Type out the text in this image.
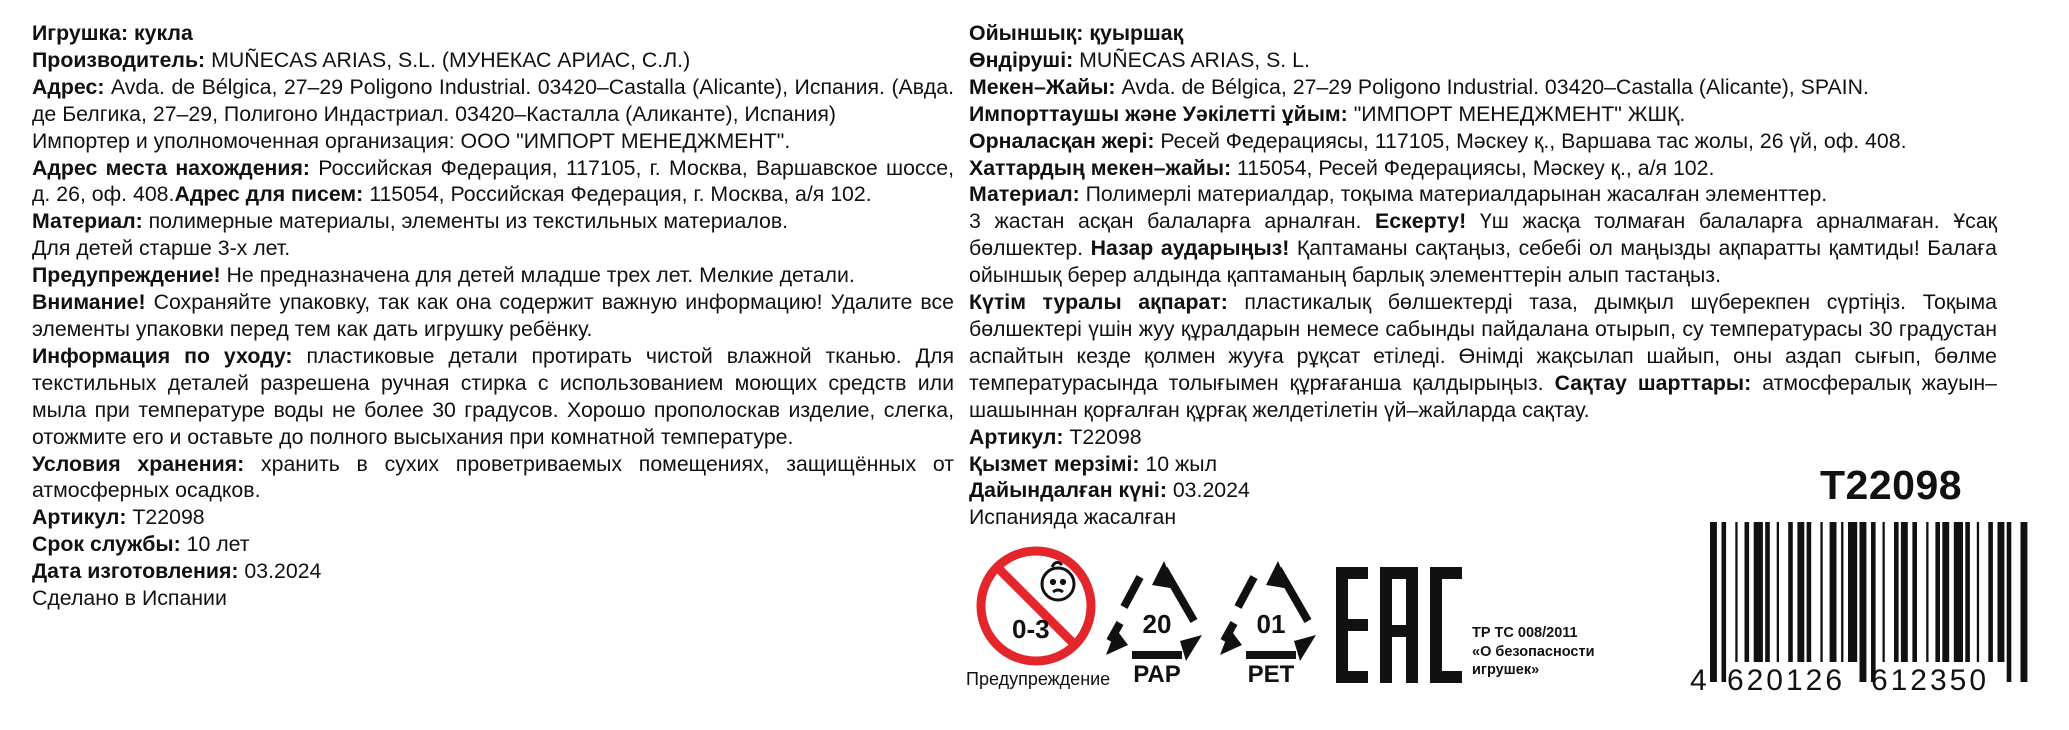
Игрушка: кукла

Производитель: MUÑECAS ARIAS, S.L. (МУНЕКАС АРИАС, С.Л.)

Адрес: Avda. de Bélgica, 27–29 Poligono Industrial. 03420–Castalla (Alicante), Испания. (Авда. де Белгика, 27–29, Полигоно Индастриал. 03420–Касталла (Аликанте), Испания)

Импортер и уполномоченная организация: ООО "ИМПОРТ МЕНЕДЖМЕНТ".

Адрес места нахождения: Российская Федерация, 117105, г. Москва, Варшавское шоссе, д. 26, оф. 408.Адрес для писем: 115054, Российская Федерация, г. Москва, а/я 102.

Материал: полимерные материалы, элементы из текстильных материалов.

Для детей старше 3-х лет.

Предупреждение! Не предназначена для детей младше трех лет. Мелкие детали.

Внимание! Сохраняйте упаковку, так как она содержит важную информацию! Удалите все элементы упаковки перед тем как дать игрушку ребёнку.

Информация по уходу: пластиковые детали протирать чистой влажной тканью. Для текстильных деталей разрешена ручная стирка с использованием моющих средств или мыла при температуре воды не более 30 градусов. Хорошо прополоскав изделие, слегка, отожмите его и оставьте до полного высыхания при комнатной температуре.

Условия хранения: хранить в сухих проветриваемых помещениях, защищённых от атмосферных осадков.

Артикул: T22098

Срок службы: 10 лет

Дата изготовления: 03.2024

Сделано в Испании

Ойыншық: қуыршақ

Өндіруші: MUÑECAS ARIAS, S. L.

Мекен–Жайы: Avda. de Bélgica, 27–29 Poligono Industrial. 03420–Castalla (Alicante), SPAIN.

Импорттаушы және Уәкілетті ұйым: "ИМПОРТ МЕНЕДЖМЕНТ" ЖШҚ.

Орналасқан жері: Ресей Федерациясы, 117105, Мәскеу қ., Варшава тас жолы, 26 үй, оф. 408.

Хаттардың мекен–жайы: 115054, Ресей Федерациясы, Мәскеу қ., а/я 102.

Материал: Полимерлі материалдар, тоқыма материалдарынан жасалған элементтер.

3 жастан асқан балаларға арналған. Ескерту! Үш жасқа толмаған балаларға арналмаған. Ұсақ бөлшектер. Назар аударыңыз! Қаптаманы сақтаңыз, себебі ол маңызды ақпаратты қамтиды! Балаға ойыншық берер алдында қаптаманың барлық элементтерін алып тастаңыз.

Күтім туралы ақпарат: пластикалық бөлшектерді таза, дымқыл шүберекпен сүртіңіз. Тоқыма бөлшектері үшін жуу құралдарын немесе сабынды пайдалана отырып, су температурасы 30 градустан аспайтын кезде қолмен жууға рұқсат етіледі. Өнімді жақсылап шайып, оны аздап сығып, бөлме температурасында толығымен құрғағанша қалдырыңыз. Сақтау шарттары: атмосфералық жауын–шашыннан қорғалған құрғақ желдетілетін үй–жайларда сақтау.

Артикул: T22098

Қызмет мерзімі: 10 жыл

Дайындалған күні: 03.2024

Испанияда жасалған

0-3
Предупреждение
20
PAP
01
PET
ТР ТС 008/2011
«О безопасности
игрушек»
T22098
4 620126 612350
